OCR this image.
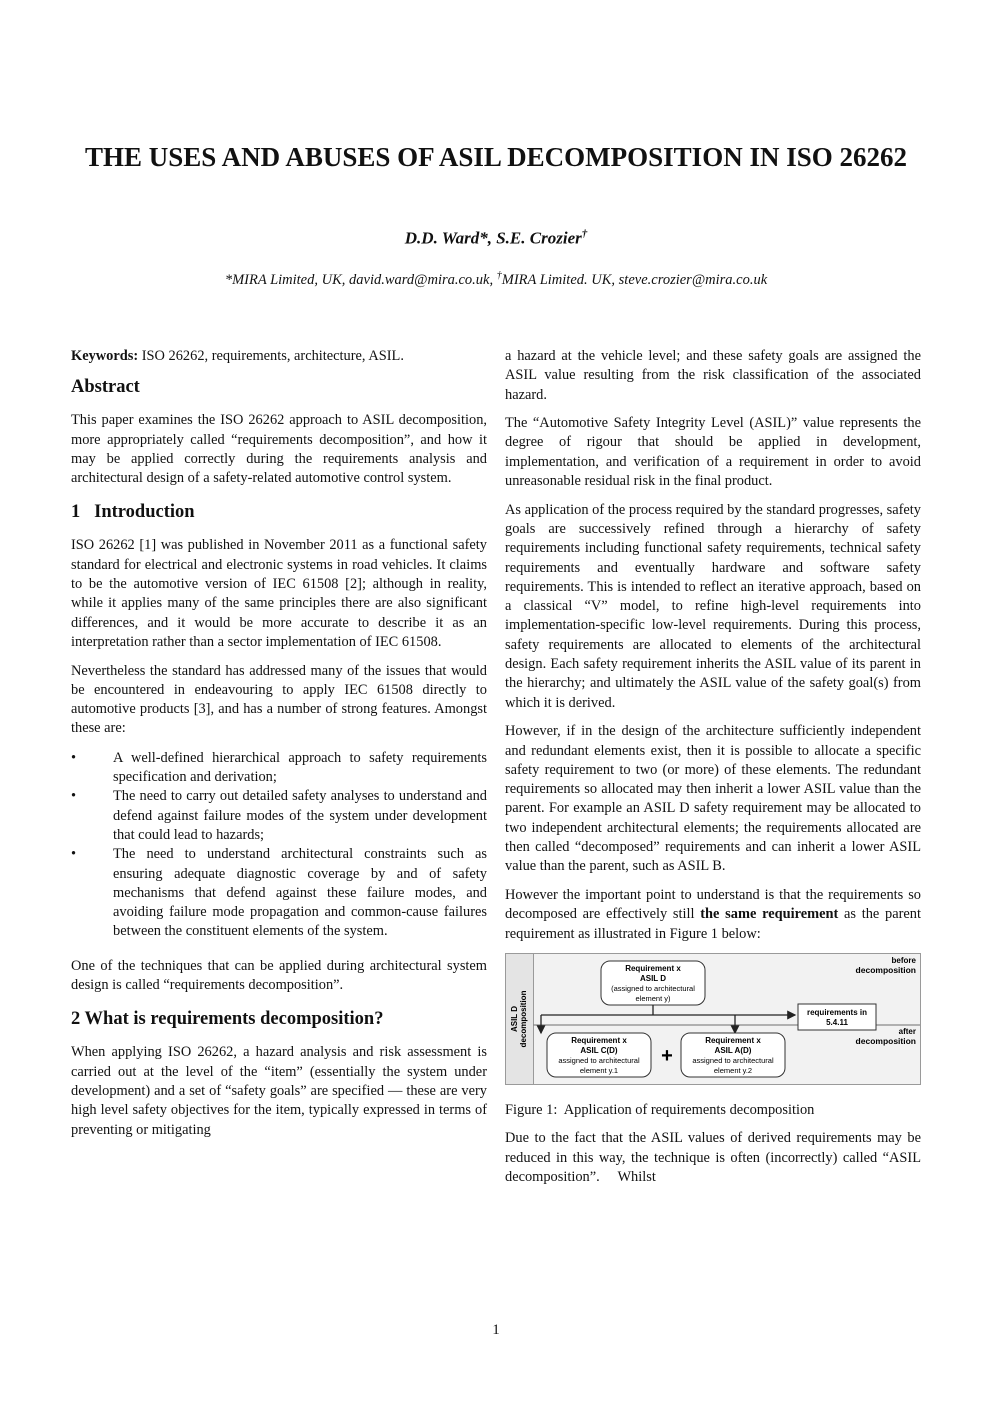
THE USES AND ABUSES OF ASIL DECOMPOSITION IN ISO 26262
D.D. Ward*, S.E. Crozier†
*MIRA Limited, UK, david.ward@mira.co.uk, †MIRA Limited. UK, steve.crozier@mira.co.uk

Keywords: ISO 26262, requirements, architecture, ASIL.

Abstract

This paper examines the ISO 26262 approach to ASIL decomposition, more appropriately called “requirements decomposition”, and how it may be applied correctly during the requirements analysis and architectural design of a safety-related automotive control system.

1   Introduction

ISO 26262 [1] was published in November 2011 as a functional safety standard for electrical and electronic systems in road vehicles. It claims to be the automotive version of IEC 61508 [2]; although in reality, while it applies many of the same principles there are also significant differences, and it would be more accurate to describe it as an interpretation rather than a sector implementation of IEC 61508.

Nevertheless the standard has addressed many of the issues that would be encountered in endeavouring to apply IEC 61508 directly to automotive products [3], and has a number of strong features. Amongst these are:

•	A well-defined hierarchical approach to safety requirements specification and derivation;
•	The need to carry out detailed safety analyses to understand and defend against failure modes of the system under development that could lead to hazards;
•	The need to understand architectural constraints such as ensuring adequate diagnostic coverage by and of safety mechanisms that defend against these failure modes, and avoiding failure mode propagation and common-cause failures between the constituent elements of the system.

One of the techniques that can be applied during architectural system design is called “requirements decomposition”.

2 What is requirements decomposition?

When applying ISO 26262, a hazard analysis and risk assessment is carried out at the level of the “item” (essentially the system under development) and a set of “safety goals” are specified — these are very high level safety objectives for the item, typically expressed in terms of preventing or mitigating

a hazard at the vehicle level; and these safety goals are assigned the ASIL value resulting from the risk classification of the associated hazard.

The “Automotive Safety Integrity Level (ASIL)” value represents the degree of rigour that should be applied in development, implementation, and verification of a requirement in order to avoid unreasonable residual risk in the final product.

As application of the process required by the standard progresses, safety goals are successively refined through a hierarchy of safety requirements including functional safety requirements, technical safety requirements and eventually hardware and software safety requirements. This is intended to reflect an iterative approach, based on a classical “V” model, to refine high-level requirements into implementation-specific low-level requirements. During this process, safety requirements are allocated to elements of the architectural design. Each safety requirement inherits the ASIL value of its parent in the hierarchy; and ultimately the ASIL value of the safety goal(s) from which it is derived.

However, if in the design of the architecture sufficiently independent and redundant elements exist, then it is possible to allocate a specific safety requirement to two (or more) of these elements. The redundant requirements so allocated may then inherit a lower ASIL value than the parent. For example an ASIL D safety requirement may be allocated to two independent architectural elements; the requirements allocated are then called “decomposed” requirements and can inherit a lower ASIL value than the parent, such as ASIL B.

However the important point to understand is that the requirements so decomposed are effectively still the same requirement as the parent requirement as illustrated in Figure 1 below:

ASIL D decomposition
before
decomposition
after
decomposition
Requirement x
ASIL D
(assigned to architectural
element y)
requirements in
5.4.11
Requirement x
ASIL C(D)
assigned to architectural
element y.1
+
Requirement x
ASIL A(D)
assigned to architectural
element y.2

Figure 1:  Application of requirements decomposition

Due to the fact that the ASIL values of derived requirements may be reduced in this way, the technique is often (incorrectly) called “ASIL decomposition”.     Whilst

1
